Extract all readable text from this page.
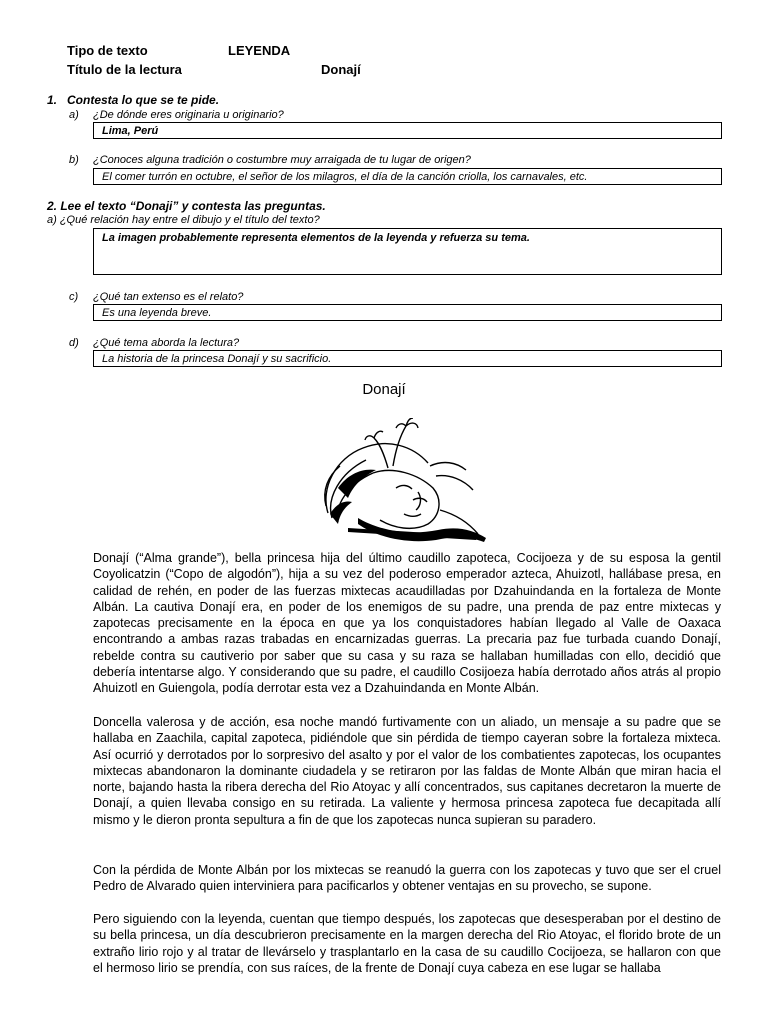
Tipo de texto	LEYENDA
Título de la lectura	Donají
1. Contesta lo que se te pide.
a) ¿De dónde eres originaria u originario?
Lima, Perú
b) ¿Conoces alguna tradición o costumbre muy arraigada de tu lugar de origen?
El comer turrón en octubre, el señor de los milagros, el día de la canción criolla, los carnavales, etc.
2. Lee el texto “Donaji” y contesta las preguntas.
a) ¿Qué relación hay entre el dibujo y el título del texto?
La imagen probablemente representa elementos de la leyenda y refuerza su tema.
c) ¿Qué tan extenso es el relato?
Es una leyenda breve.
d) ¿Qué tema aborda la lectura?
La historia de la princesa Donají y su sacrificio.
Donají

Donají (“Alma grande”), bella princesa hija del último caudillo zapoteca, Cocijoeza y de su esposa la gentil Coyolicatzin (“Copo de algodón”), hija a su vez del poderoso emperador azteca, Ahuizotl, hallábase presa, en calidad de rehén, en poder de las fuerzas mixtecas acaudilladas por Dzahuindanda en la fortaleza de Monte Albán. La cautiva Donají era, en poder de los enemigos de su padre, una prenda de paz entre mixtecas y zapotecas precisamente en la época en que ya los conquistadores habían llegado al Valle de Oaxaca encontrando a ambas razas trabadas en encarnizadas guerras. La precaria paz fue turbada cuando Donají, rebelde contra su cautiverio por saber que su casa y su raza se hallaban humilladas con ello, decidió que debería intentarse algo. Y considerando que su padre, el caudillo Cosijoeza había derrotado años atrás al propio Ahuizotl en Guiengola, podía derrotar esta vez a Dzahuindanda en Monte Albán.

Doncella valerosa y de acción, esa noche mandó furtivamente con un aliado, un mensaje a su padre que se hallaba en Zaachila, capital zapoteca, pidiéndole que sin pérdida de tiempo cayeran sobre la fortaleza mixteca. Así ocurrió y derrotados por lo sorpresivo del asalto y por el valor de los combatientes zapotecas, los ocupantes mixtecas abandonaron la dominante ciudadela y se retiraron por las faldas de Monte Albán que miran hacia el norte, bajando hasta la ribera derecha del Rio Atoyac y allí concentrados, sus capitanes decretaron la muerte de Donají, a quien llevaba consigo en su retirada. La valiente y hermosa princesa zapoteca fue decapitada allí mismo y le dieron pronta sepultura a fin de que los zapotecas nunca supieran su paradero.

Con la pérdida de Monte Albán por los mixtecas se reanudó la guerra con los zapotecas y tuvo que ser el cruel Pedro de Alvarado quien interviniera para pacificarlos y obtener ventajas en su provecho, se supone.

Pero siguiendo con la leyenda, cuentan que tiempo después, los zapotecas que desesperaban por el destino de su bella princesa, un día descubrieron precisamente en la margen derecha del Rio Atoyac, el florido brote de un extraño lirio rojo y al tratar de llevárselo y trasplantarlo en la casa de su caudillo Cocijoeza, se hallaron con que el hermoso lirio se prendía, con sus raíces, de la frente de Donají cuya cabeza en ese lugar se hallaba
